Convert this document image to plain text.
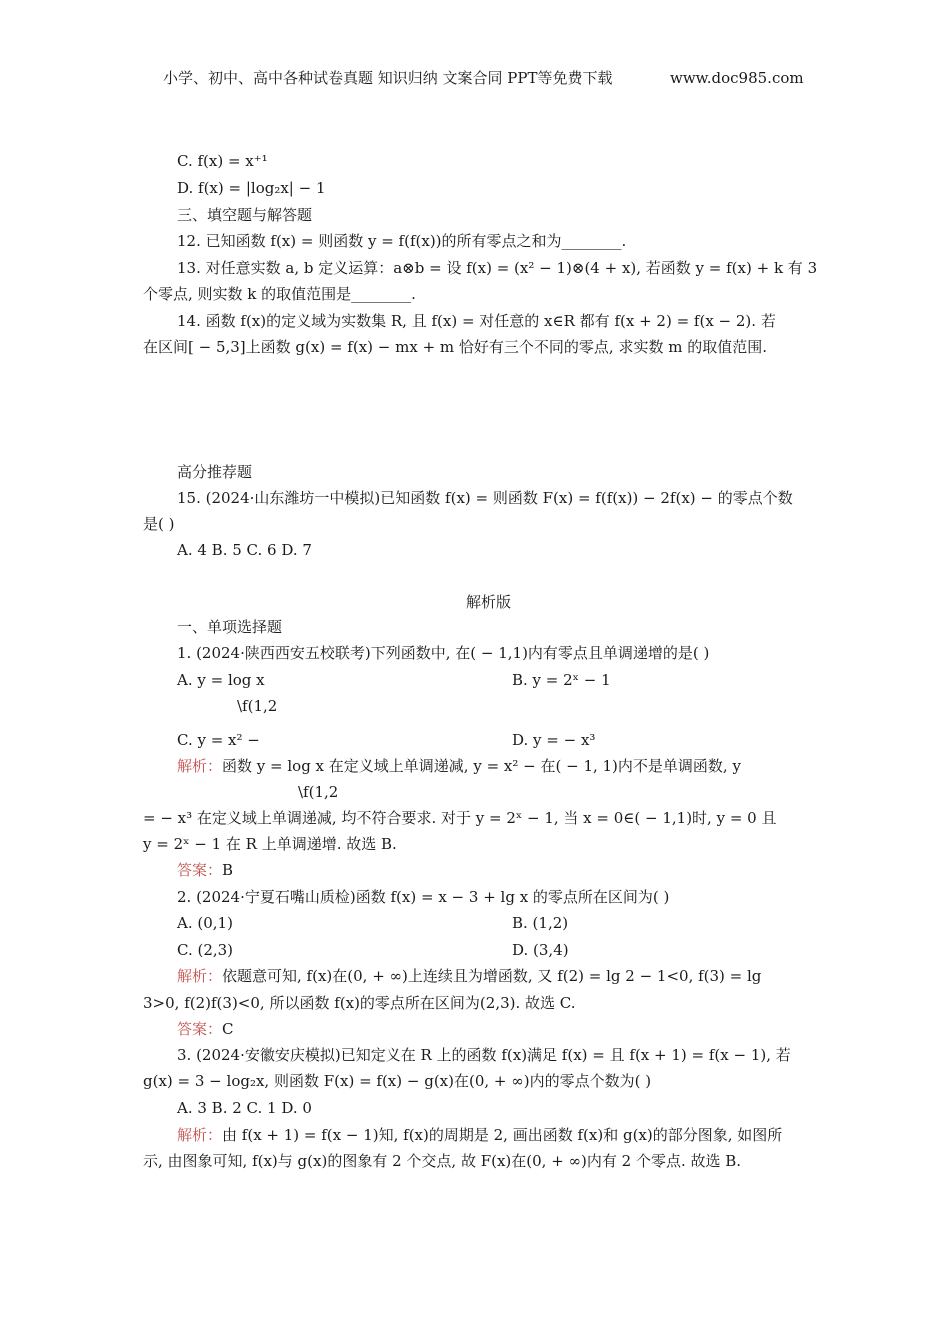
小学、初中、高中各种试卷真题 知识归纳 文案合同 PPT等免费下载	www.doc985.com
C. f(x) = x⁺¹
D. f(x) = |log₂x| − 1
三、填空题与解答题
12. 已知函数 f(x) = 则函数 y = f(f(x))的所有零点之和为________.
13. 对任意实数 a, b 定义运算：a⊗b = 设 f(x) = (x² − 1)⊗(4 + x), 若函数 y = f(x) + k 有 3
个零点, 则实数 k 的取值范围是________.
14. 函数 f(x)的定义域为实数集 R, 且 f(x) = 对任意的 x∈R 都有 f(x + 2) = f(x − 2). 若
在区间[ − 5,3]上函数 g(x) = f(x) − mx + m 恰好有三个不同的零点, 求实数 m 的取值范围.
高分推荐题
15. (2024·山东潍坊一中模拟)已知函数 f(x) = 则函数 F(x) = f(f(x)) − 2f(x) − 的零点个数
是( )
A. 4 B. 5 C. 6 D. 7
解析版
一、单项选择题
1. (2024·陕西西安五校联考)下列函数中, 在( − 1,1)内有零点且单调递增的是( )
A. y = log x	B. y = 2ˣ − 1
\f(1,2
C. y = x² −	D. y = − x³
解析：函数 y = log x 在定义域上单调递减, y = x² − 在( − 1, 1)内不是单调函数, y
\f(1,2
= − x³ 在定义域上单调递减, 均不符合要求. 对于 y = 2ˣ − 1, 当 x = 0∈( − 1,1)时, y = 0 且
y = 2ˣ − 1 在 R 上单调递增. 故选 B.
答案：B
2. (2024·宁夏石嘴山质检)函数 f(x) = x − 3 + lg x 的零点所在区间为( )
A. (0,1)	B. (1,2)
C. (2,3)	D. (3,4)
解析：依题意可知, f(x)在(0, + ∞)上连续且为增函数, 又 f(2) = lg 2 − 1<0, f(3) = lg
3>0, f(2)f(3)<0, 所以函数 f(x)的零点所在区间为(2,3). 故选 C.
答案：C
3. (2024·安徽安庆模拟)已知定义在 R 上的函数 f(x)满足 f(x) = 且 f(x + 1) = f(x − 1), 若
g(x) = 3 − log₂x, 则函数 F(x) = f(x) − g(x)在(0, + ∞)内的零点个数为( )
A. 3 B. 2 C. 1 D. 0
解析：由 f(x + 1) = f(x − 1)知, f(x)的周期是 2, 画出函数 f(x)和 g(x)的部分图象, 如图所
示, 由图象可知, f(x)与 g(x)的图象有 2 个交点, 故 F(x)在(0, + ∞)内有 2 个零点. 故选 B.
